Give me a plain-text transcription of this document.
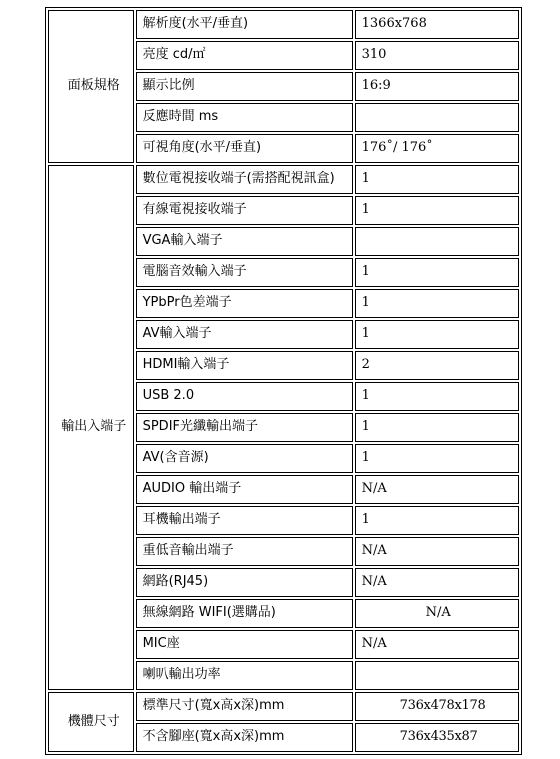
面板規格	解析度(水平/垂直)	1366x768
	亮度 cd/㎡	310
	顯示比例	16:9
	反應時間 ms	
	可視角度(水平/垂直)	176˚/ 176˚
輸出入端子	數位電視接收端子(需搭配視訊盒)	1
	有線電視接收端子	1
	VGA輸入端子	
	電腦音效輸入端子	1
	YPbPr色差端子	1
	AV輸入端子	1
	HDMI輸入端子	2
	USB 2.0	1
	SPDIF光纖輸出端子	1
	AV(含音源)	1
	AUDIO 輸出端子	N/A
	耳機輸出端子	1
	重低音輸出端子	N/A
	網路(RJ45)	N/A
	無線網路 WIFI(選購品)	N/A
	MIC座	N/A
	喇叭輸出功率	
機體尺寸	標準尺寸(寬x高x深)mm	736x478x178
	不含腳座(寬x高x深)mm	736x435x87
